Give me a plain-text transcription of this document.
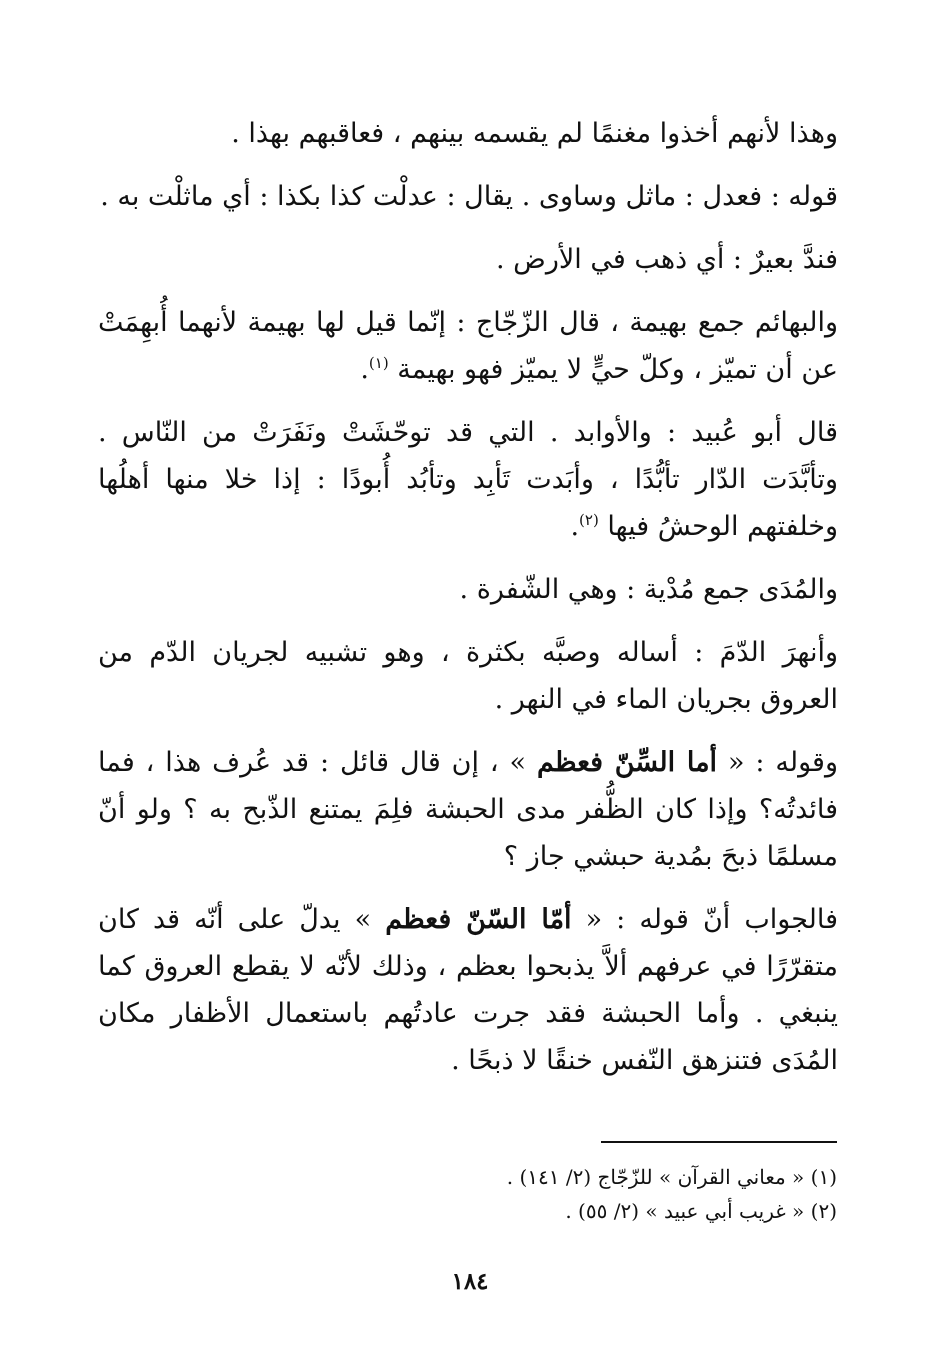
وهذا لأنهم أخذوا مغنمًا لم يقسمه بينهم ، فعاقبهم بهذا .

قوله : فعدل : ماثل وساوى . يقال : عدلْت كذا بكذا : أي ماثلْت به .

فندَّ بعيرٌ : أي ذهب في الأرض .

والبهائم جمع بهيمة ، قال الزّجّاج : إنّما قيل لها بهيمة لأنهما أُبهِمَتْ عن أن تميّز ، وكلّ حيٍّ لا يميّز فهو بهيمة $^{(١)}$.

قال أبو عُبيد : والأوابد . التي قد توحّشَتْ ونَفَرَتْ من النّاس . وتأبَّدَت الدّار تأبُّدًا ، وأبَدت تَأبِد وتأبُد أُبودًا : إذا خلا منها أهلُها وخلفتهم الوحشُ فيها $^{(٢)}$.

والمُدَى جمع مُدْية : وهي الشّفرة .

وأنهرَ الدّمَ : أساله وصبَّه بكثرة ، وهو تشبيه لجريان الدّم من العروق بجريان الماء في النهر .

وقوله : « أما السِّنّ فعظم » ، إن قال قائل : قد عُرف هذا ، فما فائدتُه؟ وإذا كان الظُّفر مدى الحبشة فلِمَ يمتنع الذّبح به ؟ ولو أنّ مسلمًا ذبحَ بمُدية حبشي جاز ؟

فالجواب أنّ قوله : « أمّا السّنّ فعظم » يدلّ على أنّه قد كان متقرّرًا في عرفهم ألاَّ يذبحوا بعظم ، وذلك لأنّه لا يقطع العروق كما ينبغي . وأما الحبشة فقد جرت عادتُهم باستعمال الأظفار مكان المُدَى فتنزهق النّفس خنقًا لا ذبحًا .

(١) « معاني القرآن » للزّجّاج (٢/ ١٤١) .

(٢) « غريب أبي عبيد » (٢/ ٥٥) .

١٨٤
